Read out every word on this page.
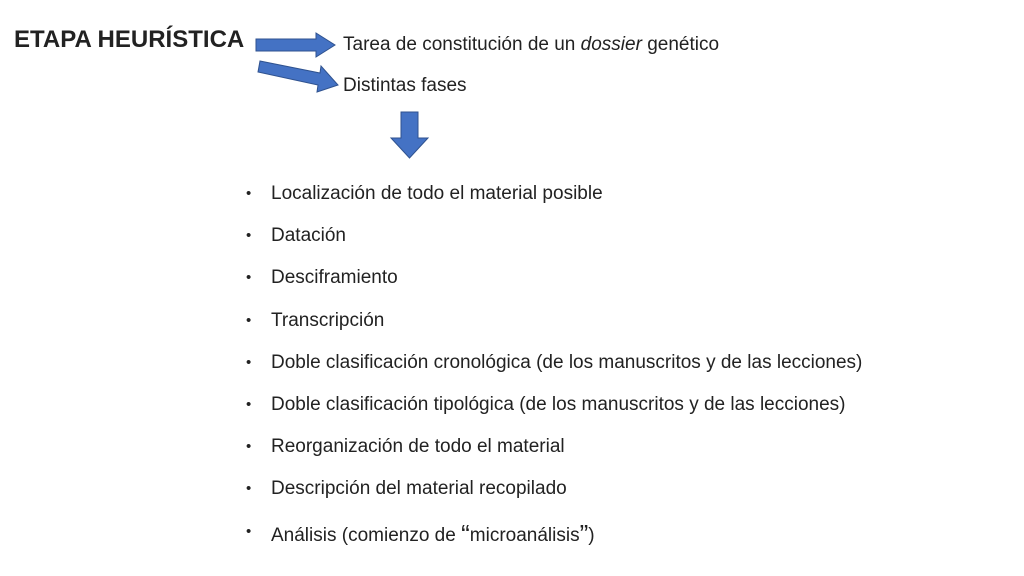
ETAPA HEURÍSTICA	Tarea de constitución de un dossier genético
Distintas fases
• Localización de todo el material posible
• Datación
• Desciframiento
• Transcripción
• Doble clasificación cronológica (de los manuscritos y de las lecciones)
• Doble clasificación tipológica (de los manuscritos y de las lecciones)
• Reorganización de todo el material
• Descripción del material recopilado
• Análisis (comienzo de “microanálisis”)
